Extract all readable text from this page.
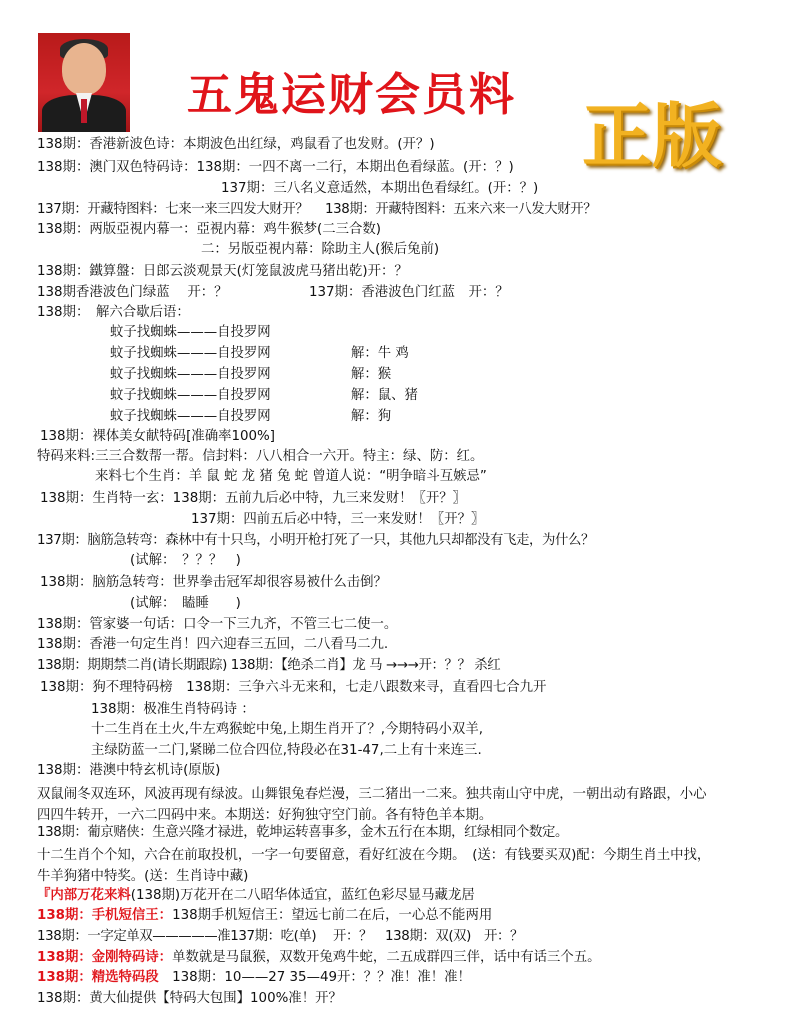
五鬼运财会员料
正版
138期：香港新波色诗：本期波色出红绿，鸡鼠看了也发财。(开？)
138期：澳门双色特码诗：138期：一四不离一二行，本期出色看绿蓝。(开：？)
137期：三八名义意适然，本期出色看绿红。(开：？)
137期：开藏特图料：七来一来三四发大财开？　 138期：开藏特图料：五来六来一八发大财开？
138期：两版亞視内幕一：亞視内幕：鸡牛猴梦(二三合数)
二：另版亞視内幕：除助主人(猴后兔前)
138期：鐵算盤：日郎云淡观景天(灯笼鼠波虎马猪出乾)开：？
138期香港波色门绿蓝　 开：？	137期：香港波色门红蓝　开：？
138期：　解六合歇后语：
蚊子找蜘蛛———自投罗网
蚊子找蜘蛛———自投罗网	解：牛 鸡
蚊子找蜘蛛———自投罗网	解：猴
蚊子找蜘蛛———自投罗网	解：鼠、猪
蚊子找蜘蛛———自投罗网	解：狗
138期：裸体美女献特码[准确率100%]
特码来料:三三合数帮一帮。信封料：八八相合一六开。特主：绿、防：红。
来料七个生肖：羊 鼠 蛇 龙 猪 兔 蛇 曾道人说：“明争暗斗互嫉忌”
138期：生肖特一玄：138期：五前九后必中特，九三来发财！〖开？〗
137期：四前五后必中特，三一来发财！〖开？〗
137期：脑筋急转弯：森林中有十只鸟，小明开枪打死了一只，其他九只却都没有飞走，为什么？
(试解：　？？？　)
138期：脑筋急转弯：世界拳击冠军却很容易被什么击倒？
(试解：　瞌睡　　)
138期：管家婆一句话：口令一下三九齐，不管三七二使一。
138期：香港一句定生肖！四六迎春三五回，二八看马二九.
138期：期期禁二肖(请长期跟踪) 138期：【绝杀二肖】龙 马 →→→开：？？ 杀红
138期：狗不理特码榜　138期：三争六斗无来和，七走八跟数来寻，直看四七合九开
138期：极准生肖特码诗 ：
十二生肖在土火,牛左鸡猴蛇中兔,上期生肖开了？,今期特码小双羊,
主绿防蓝一二门,紧睇二位合四位,特段必在31-47,二上有十来连三.
138期：港澳中特玄机诗(原版)
双鼠闹冬双连环，风波再现有绿波。山舞银兔春烂漫，三二猪出一二来。独共南山守中虎，一朝出动有路跟，小心四四牛转开，一六二四码中来。本期送：好狗独守空门前。各有特色羊本期。
138期：葡京赌侠：生意兴隆才禄进，乾坤运转喜事多，金木五行在本期，红绿相同个数定。
十二生肖个个知，六合在前取投机，一字一句要留意，看好红波在今期。　(送：有钱要买双)配：今期生肖土中找，牛羊狗猪中特奖。(送：生肖诗中藏)
『内部万花来料(138期)万花开在二八昭华体适宜，蓝红色彩尽显马藏龙居
138期：手机短信王：138期手机短信王：望远七前二在后，一心总不能两用
138期：一字定单双—————准137期：吃(单)　 开：？　138期：双(双)　开：？
138期：金刚特码诗：单数就是马鼠猴，双数开兔鸡牛蛇，二五成群四三伴，话中有话三个五。
138期：精选特码段　 138期：10——27 35—49开：？？准！准！准！
138期：黄大仙提供【特码大包围】100%准！开？
